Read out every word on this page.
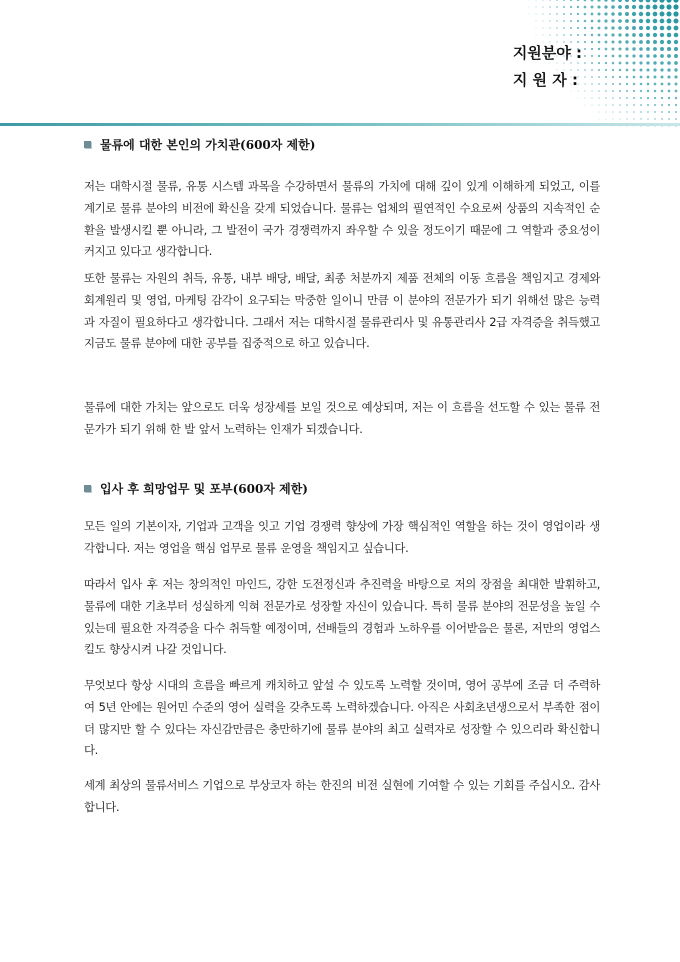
지원분야 :
지 원 자 :
물류에 대한 본인의 가치관(600자 제한)

저는 대학시절 물류, 유통 시스템 과목을 수강하면서 물류의 가치에 대해 깊이 있게 이해하게 되었고, 이를 계기로 물류 분야의 비전에 확신을 갖게 되었습니다. 물류는 업체의 필연적인 수요로써 상품의 지속적인 순환을 발생시킬 뿐 아니라, 그 발전이 국가 경쟁력까지 좌우할 수 있을 정도이기 때문에 그 역할과 중요성이 커지고 있다고 생각합니다.

또한 물류는 자원의 취득, 유통, 내부 배당, 배달, 최종 처분까지 제품 전체의 이동 흐름을 책임지고 경제와 회계원리 및 영업, 마케팅 감각이 요구되는 막중한 일이니 만큼 이 분야의 전문가가 되기 위해선 많은 능력과 자질이 필요하다고 생각합니다. 그래서 저는 대학시절 물류관리사 및 유통관리사 2급 자격증을 취득했고 지금도 물류 분야에 대한 공부를 집중적으로 하고 있습니다.

물류에 대한 가치는 앞으로도 더욱 성장세를 보일 것으로 예상되며, 저는 이 흐름을 선도할 수 있는 물류 전문가가 되기 위해 한 발 앞서 노력하는 인재가 되겠습니다.

입사 후 희망업무 및 포부(600자 제한)

모든 일의 기본이자, 기업과 고객을 잇고 기업 경쟁력 향상에 가장 핵심적인 역할을 하는 것이 영업이라 생각합니다. 저는 영업을 핵심 업무로 물류 운영을 책임지고 싶습니다.

따라서 입사 후 저는 창의적인 마인드, 강한 도전정신과 추진력을 바탕으로 저의 장점을 최대한 발휘하고, 물류에 대한 기초부터 성실하게 익혀 전문가로 성장할 자신이 있습니다. 특히 물류 분야의 전문성을 높일 수 있는데 필요한 자격증을 다수 취득할 예정이며, 선배들의 경험과 노하우를 이어받음은 물론, 저만의 영업스킬도 향상시켜 나갈 것입니다.

무엇보다 항상 시대의 흐름을 빠르게 캐치하고 앞설 수 있도록 노력할 것이며, 영어 공부에 조금 더 주력하여 5년 안에는 원어민 수준의 영어 실력을 갖추도록 노력하겠습니다. 아직은 사회초년생으로서 부족한 점이 더 많지만 할 수 있다는 자신감만큼은 충만하기에 물류 분야의 최고 실력자로 성장할 수 있으리라 확신합니다.

세계 최상의 물류서비스 기업으로 부상코자 하는 한진의 비전 실현에 기여할 수 있는 기회를 주십시오. 감사합니다.
